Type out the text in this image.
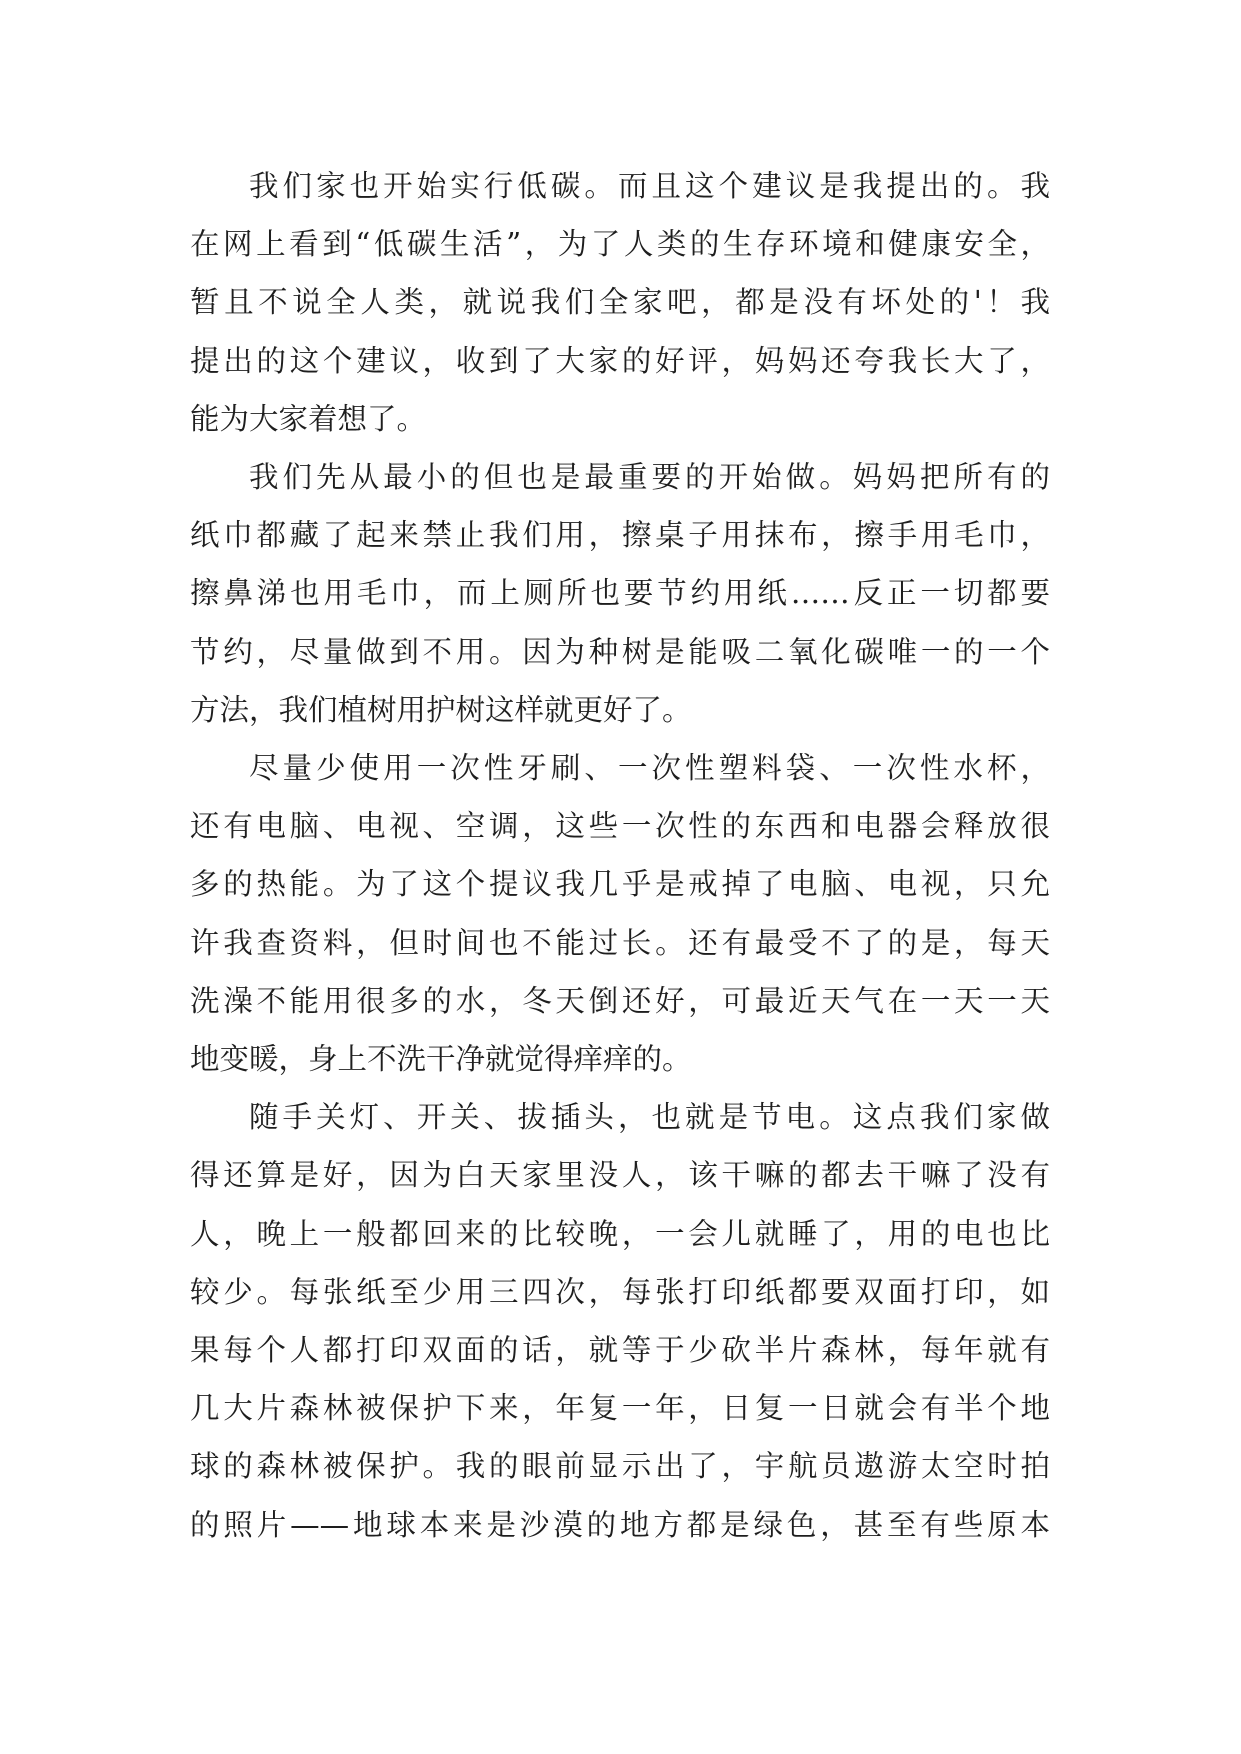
我们家也开始实行低碳。而且这个建议是我提出的。我
在网上看到“低碳生活”，为了人类的生存环境和健康安全，
暂且不说全人类，就说我们全家吧，都是没有坏处的'！我
提出的这个建议，收到了大家的好评，妈妈还夸我长大了，
能为大家着想了。
我们先从最小的但也是最重要的开始做。妈妈把所有的
纸巾都藏了起来禁止我们用，擦桌子用抹布，擦手用毛巾，
擦鼻涕也用毛巾，而上厕所也要节约用纸……反正一切都要
节约，尽量做到不用。因为种树是能吸二氧化碳唯一的一个
方法，我们植树用护树这样就更好了。
尽量少使用一次性牙刷、一次性塑料袋、一次性水杯，
还有电脑、电视、空调，这些一次性的东西和电器会释放很
多的热能。为了这个提议我几乎是戒掉了电脑、电视，只允
许我查资料，但时间也不能过长。还有最受不了的是，每天
洗澡不能用很多的水，冬天倒还好，可最近天气在一天一天
地变暖，身上不洗干净就觉得痒痒的。
随手关灯、开关、拔插头，也就是节电。这点我们家做
得还算是好，因为白天家里没人，该干嘛的都去干嘛了没有
人，晚上一般都回来的比较晚，一会儿就睡了，用的电也比
较少。每张纸至少用三四次，每张打印纸都要双面打印，如
果每个人都打印双面的话，就等于少砍半片森林，每年就有
几大片森林被保护下来，年复一年，日复一日就会有半个地
球的森林被保护。我的眼前显示出了，宇航员遨游太空时拍
的照片——地球本来是沙漠的地方都是绿色，甚至有些原本
